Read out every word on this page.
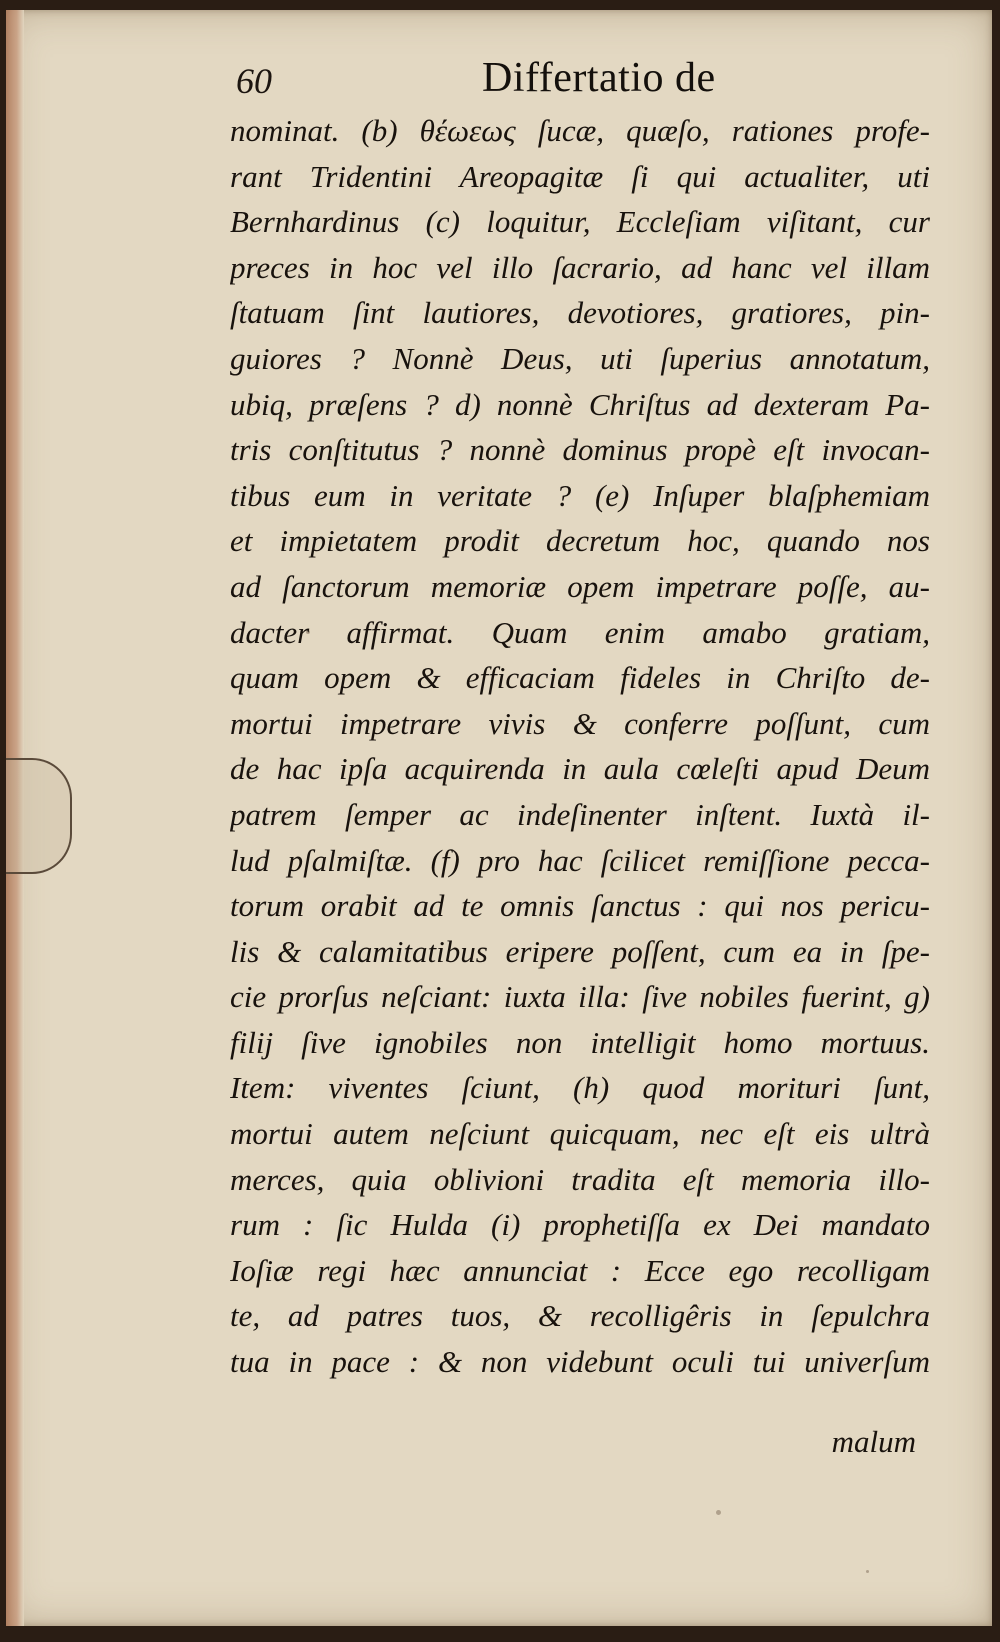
60	Differtatio de
nominat. (b) θέωεως ſucæ, quæſo, rationes profe-
rant Tridentini Areopagitæ ſi qui actualiter, uti
Bernhardinus (c) loquitur, Eccleſiam viſitant, cur
preces in hoc vel illo ſacrario, ad hanc vel illam
ſtatuam ſint lautiores, devotiores, gratiores, pin-
guiores ? Nonnè Deus, uti ſuperius annotatum,
ubiq, præſens ? d) nonnè Chriſtus ad dexteram Pa-
tris conſtitutus ? nonnè dominus propè eſt invocan-
tibus eum in veritate ? (e) Inſuper blaſphemiam
et impietatem prodit decretum hoc, quando nos
ad ſanctorum memoriæ opem impetrare poſſe, au-
dacter affirmat. Quam enim amabo gratiam,
quam opem & efficaciam fideles in Chriſto de-
mortui impetrare vivis & conferre poſſunt, cum
de hac ipſa acquirenda in aula cœleſti apud Deum
patrem ſemper ac indeſinenter inſtent. Iuxtà il-
lud pſalmiſtæ. (f) pro hac ſcilicet remiſſione pecca-
torum orabit ad te omnis ſanctus : qui nos pericu-
lis & calamitatibus eripere poſſent, cum ea in ſpe-
cie prorſus neſciant: iuxta illa: ſive nobiles fuerint, g)
filij ſive ignobiles non intelligit homo mortuus.
Item: viventes ſciunt, (h) quod morituri ſunt,
mortui autem neſciunt quicquam, nec eſt eis ultrà
merces, quia oblivioni tradita eſt memoria illo-
rum : ſic Hulda (i) prophetiſſa ex Dei mandato
Ioſiæ regi hæc annunciat : Ecce ego recolligam
te, ad patres tuos, & recolligêris in ſepulchra
tua in pace : & non videbunt oculi tui univerſum
malum
